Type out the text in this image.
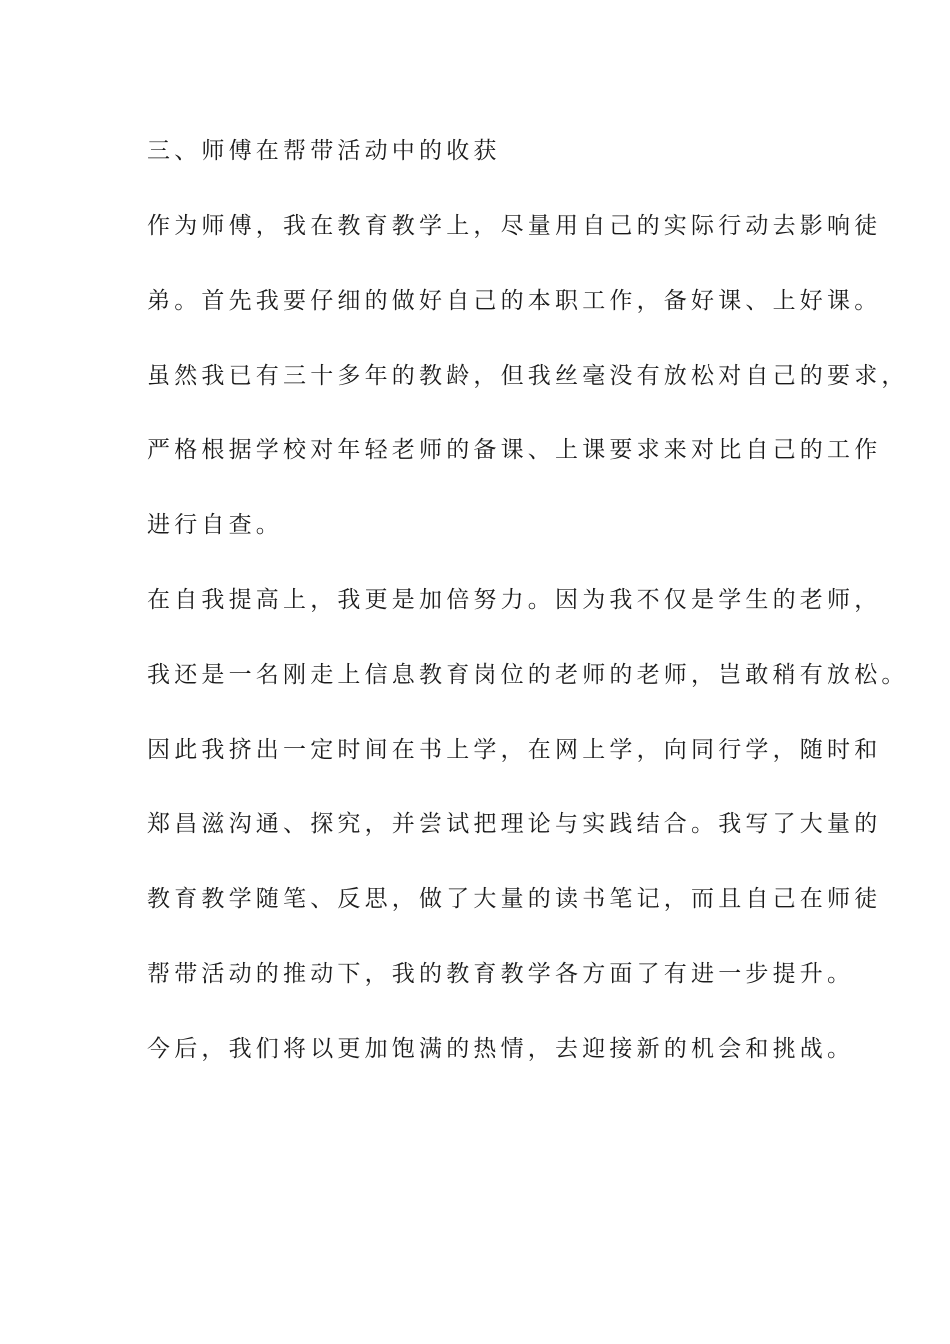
三、师傅在帮带活动中的收获
作为师傅，我在教育教学上，尽量用自己的实际行动去影响徒
弟。首先我要仔细的做好自己的本职工作，备好课、上好课。
虽然我已有三十多年的教龄，但我丝毫没有放松对自己的要求，
严格根据学校对年轻老师的备课、上课要求来对比自己的工作
进行自查。
在自我提高上，我更是加倍努力。因为我不仅是学生的老师，
我还是一名刚走上信息教育岗位的老师的老师，岂敢稍有放松。
因此我挤出一定时间在书上学，在网上学，向同行学，随时和
郑昌滋沟通、探究，并尝试把理论与实践结合。我写了大量的
教育教学随笔、反思，做了大量的读书笔记，而且自己在师徒
帮带活动的推动下，我的教育教学各方面了有进一步提升。
今后，我们将以更加饱满的热情，去迎接新的机会和挑战。
